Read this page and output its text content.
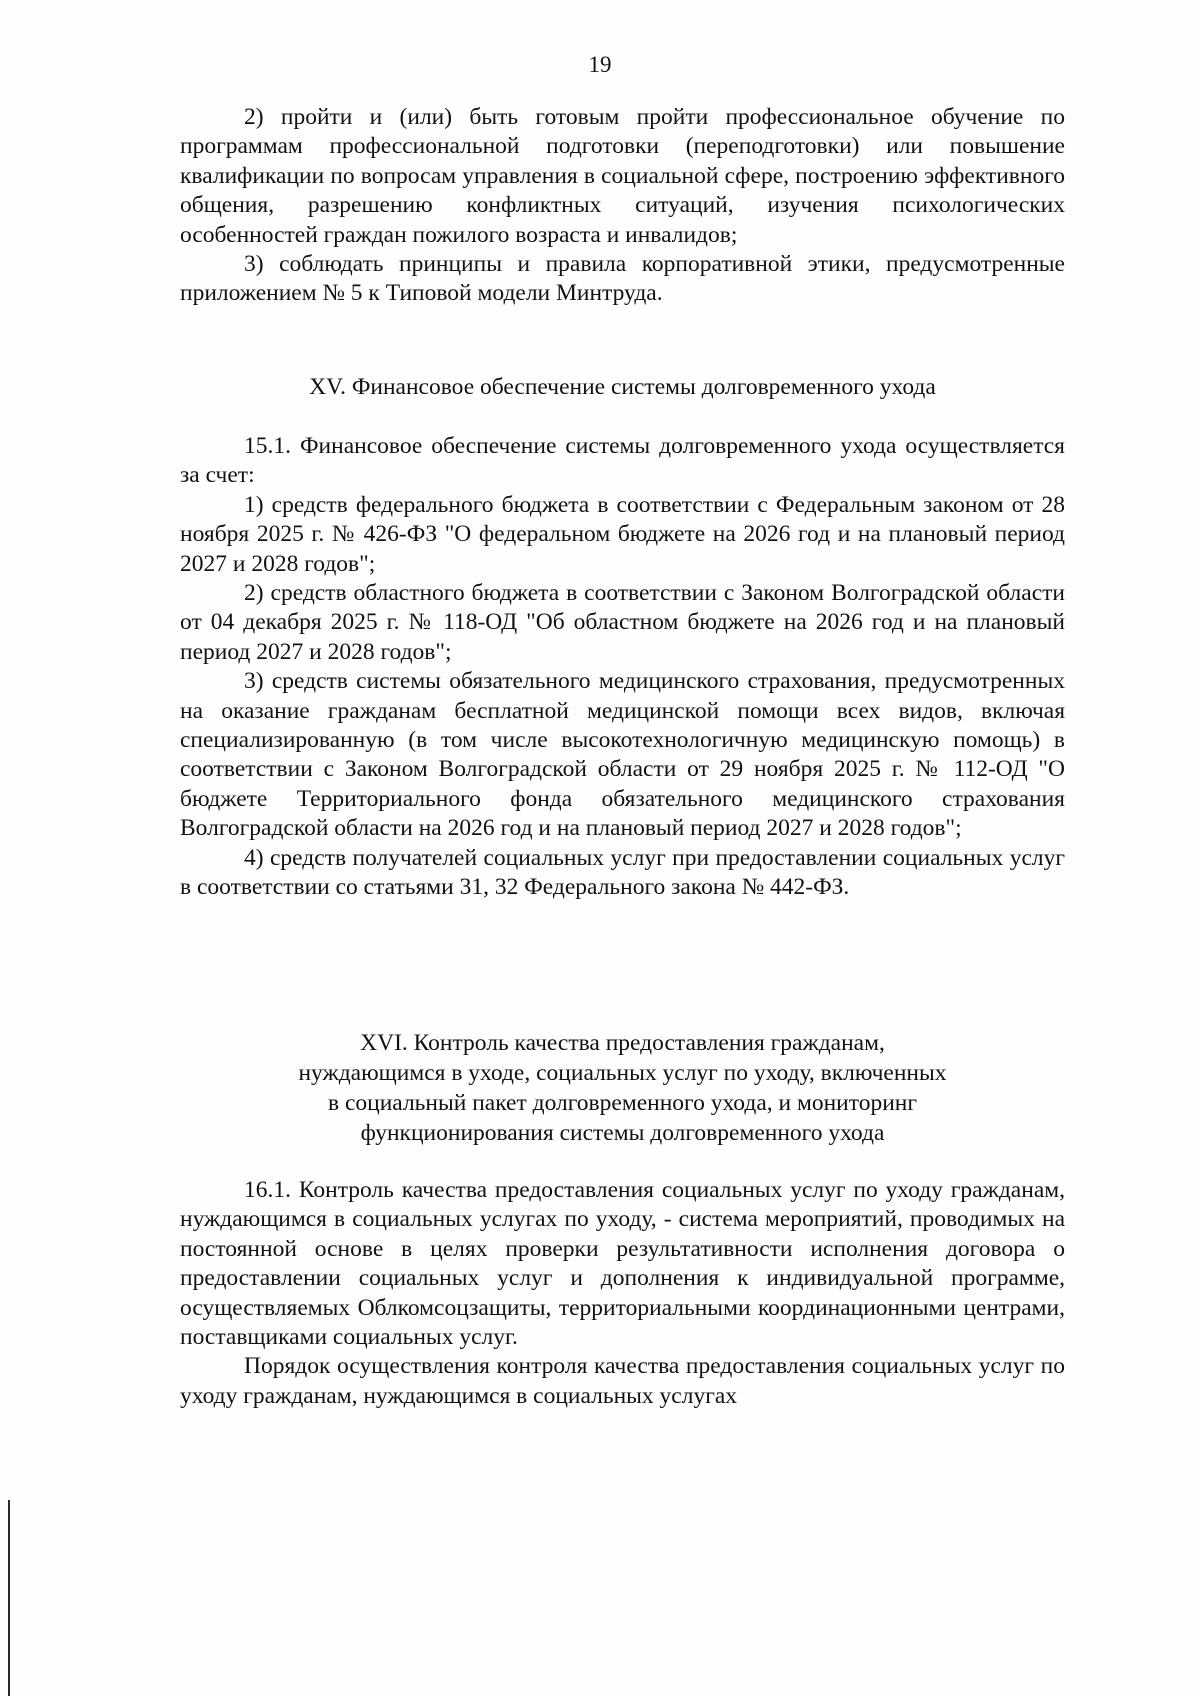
19

2) пройти и (или) быть готовым пройти профессиональное обучение по программам профессиональной подготовки (переподготовки) или повышение квалификации по вопросам управления в социальной сфере, построению эффективного общения, разрешению конфликтных ситуаций, изучения психологических особенностей граждан пожилого возраста и инвалидов;

3) соблюдать принципы и правила корпоративной этики, предусмотренные приложением № 5 к Типовой модели Минтруда.

XV. Финансовое обеспечение системы долговременного ухода

15.1. Финансовое обеспечение системы долговременного ухода осуществляется за счет:

1) средств федерального бюджета в соответствии с Федеральным законом от 28 ноября 2025 г. № 426-ФЗ "О федеральном бюджете на 2026 год и на плановый период 2027 и 2028 годов";

2) средств областного бюджета в соответствии с Законом Волгоградской области от 04 декабря 2025 г. № 118-ОД "Об областном бюджете на 2026 год и на плановый период 2027 и 2028 годов";

3) средств системы обязательного медицинского страхования, предусмотренных на оказание гражданам бесплатной медицинской помощи всех видов, включая специализированную (в том числе высокотехнологичную медицинскую помощь) в соответствии с Законом Волгоградской области от 29 ноября 2025 г. № 112-ОД "О бюджете Территориального фонда обязательного медицинского страхования Волгоградской области на 2026 год и на плановый период 2027 и 2028 годов";

4) средств получателей социальных услуг при предоставлении социальных услуг в соответствии со статьями 31, 32 Федерального закона № 442-ФЗ.

XVI. Контроль качества предоставления гражданам,
нуждающимся в уходе, социальных услуг по уходу, включенных
в социальный пакет долговременного ухода, и мониторинг
функционирования системы долговременного ухода

16.1. Контроль качества предоставления социальных услуг по уходу гражданам, нуждающимся в социальных услугах по уходу, - система мероприятий, проводимых на постоянной основе в целях проверки результативности исполнения договора о предоставлении социальных услуг и дополнения к индивидуальной программе, осуществляемых Облкомсоцзащиты, территориальными координационными центрами, поставщиками социальных услуг.

Порядок осуществления контроля качества предоставления социальных услуг по уходу гражданам, нуждающимся в социальных услугах
